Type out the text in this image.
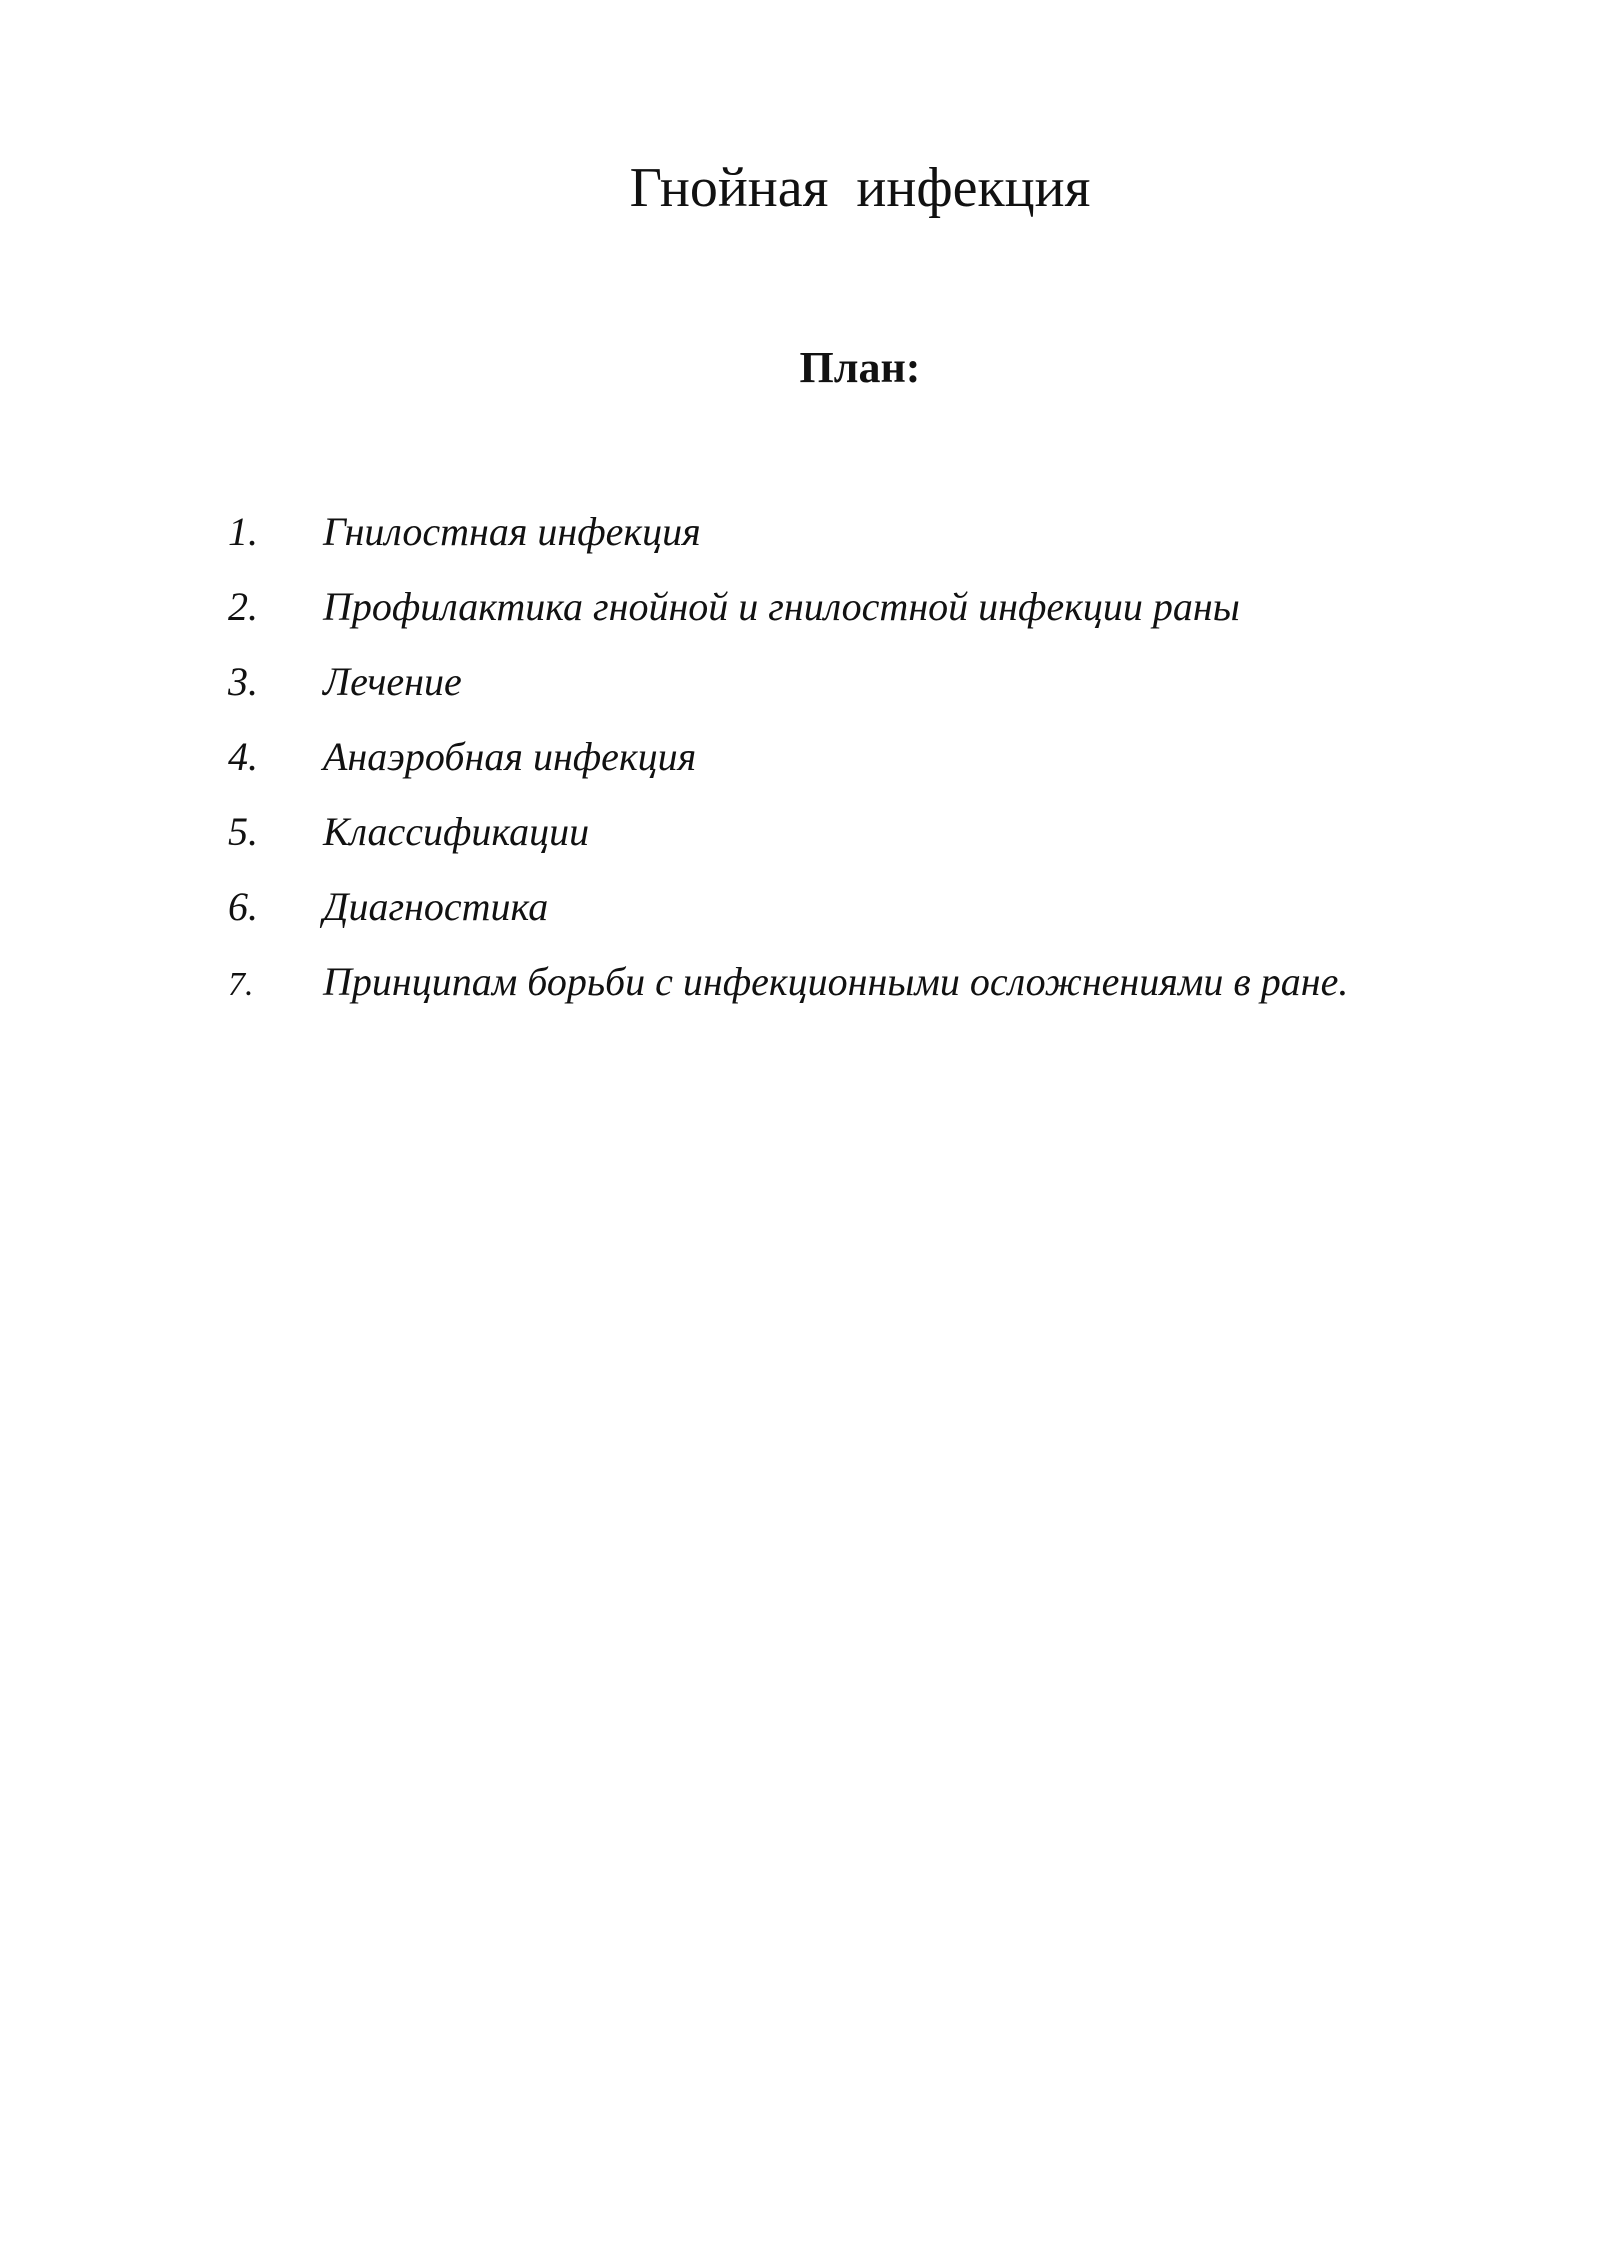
Гнойная  инфекция
План:
1. Гнилостная инфекция
2. Профилактика гнойной и гнилостной инфекции раны
3. Лечение
4. Анаэробная инфекция
5. Классификации
6. Диагностика
7. Принципам борьби с инфекционными осложнениями в ране.
